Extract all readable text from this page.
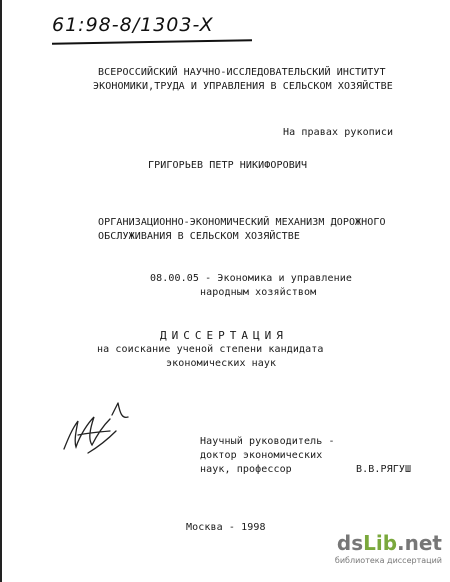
61:98-8/1303-X
ВСЕРОССИЙСКИЙ НАУЧНО-ИССЛЕДОВАТЕЛЬСКИЙ ИНСТИТУТ
ЭКОНОМИКИ,ТРУДА И УПРАВЛЕНИЯ В СЕЛЬСКОМ ХОЗЯЙСТВЕ
На правах рукописи
ГРИГОРЬЕВ ПЕТР НИКИФОРОВИЧ
ОРГАНИЗАЦИОННО-ЭКОНОМИЧЕСКИЙ МЕХАНИЗМ ДОРОЖНОГО
ОБСЛУЖИВАНИЯ В СЕЛЬСКОМ ХОЗЯЙСТВЕ
08.00.05 - Экономика и управление
народным хозяйством
ДИССЕРТАЦИЯ
на соискание ученой степени кандидата
экономических наук
Научный руководитель -
доктор экономических
наук, профессор	В.В.РЯГУШ
Москва - 1998
dsLib.net
библиотека диссертаций
